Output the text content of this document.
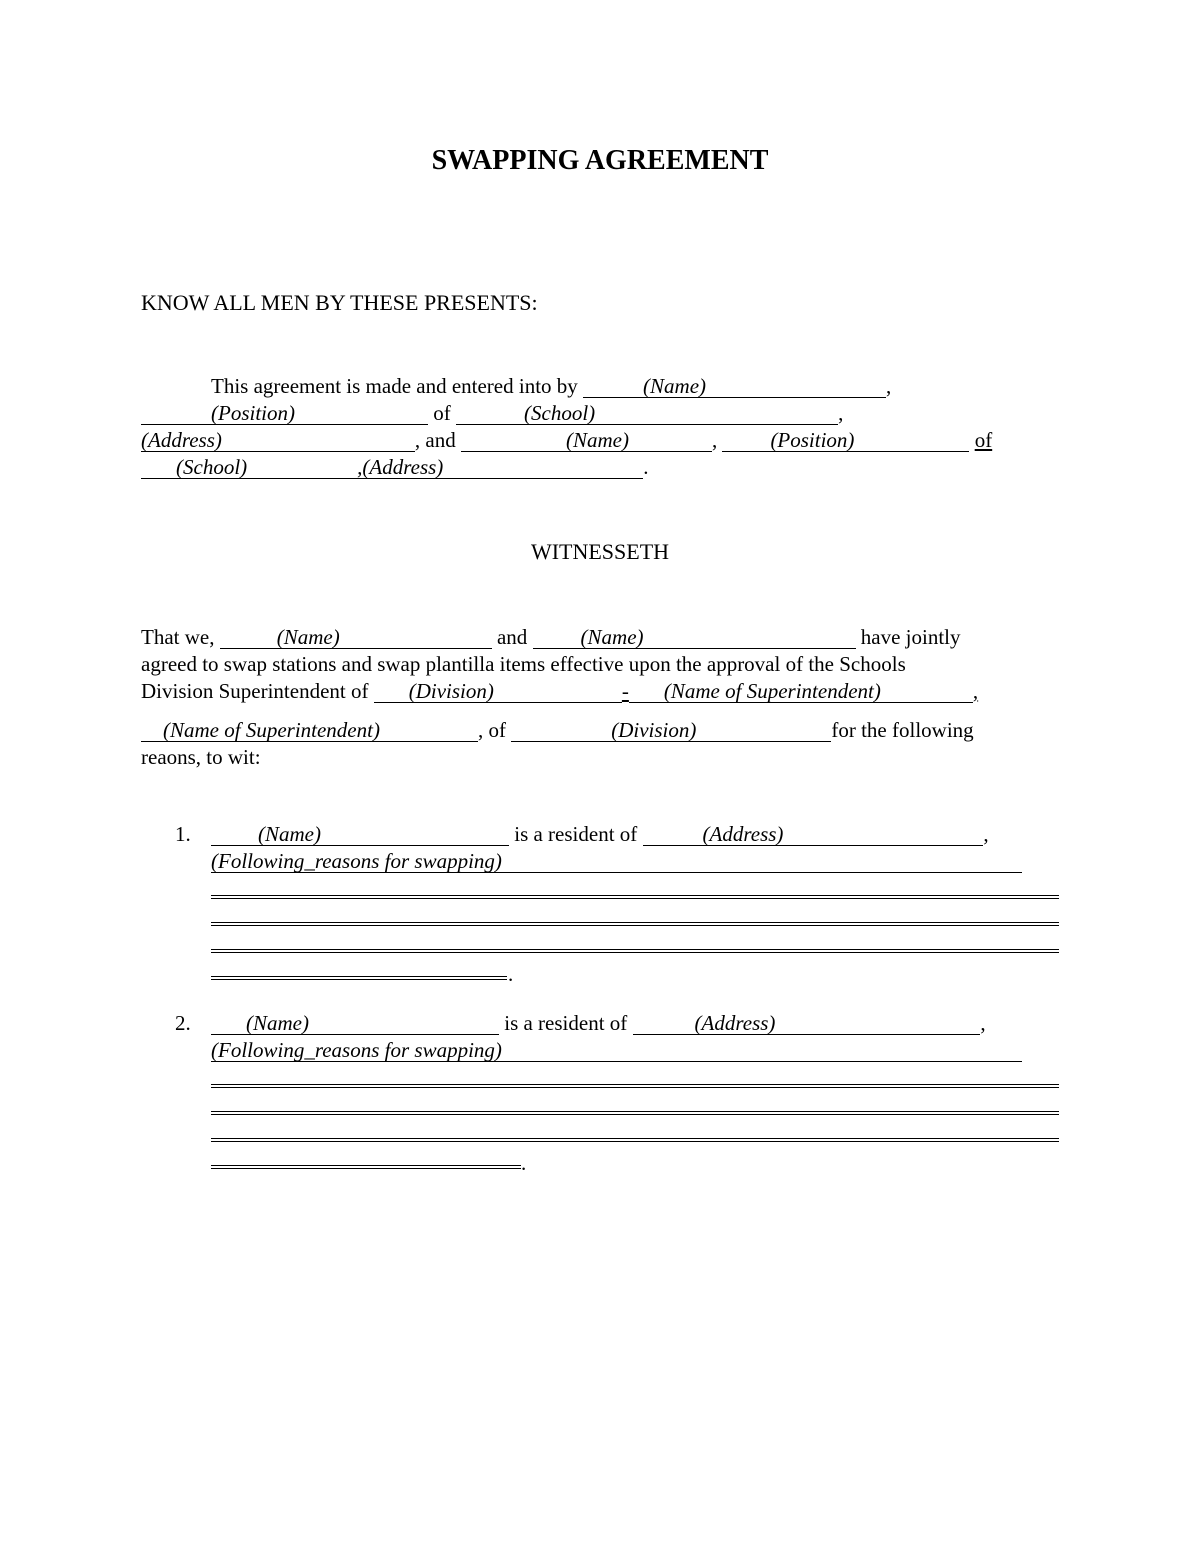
SWAPPING AGREEMENT
KNOW ALL MEN BY THESE PRESENTS:
This agreement is made and entered into by	(Name)	,
(Position)	of	(School)	,
(Address)	, and	(Name)	,	(Position)	of
(School)	,(Address)	.
WITNESSETH
That we,	(Name)	and	(Name)	have jointly
agreed to swap stations and swap plantilla items effective upon the approval of the Schools
Division Superintendent of (Division)	- (Name of Superintendent)	,
(Name of Superintendent)	, of	(Division)	for the following
reaons, to wit:
1.	(Name)	is a resident of	(Address)	,
(Following_reasons for swapping)
.
2.	(Name)	is a resident of	(Address)	,
(Following_reasons for swapping)
.
